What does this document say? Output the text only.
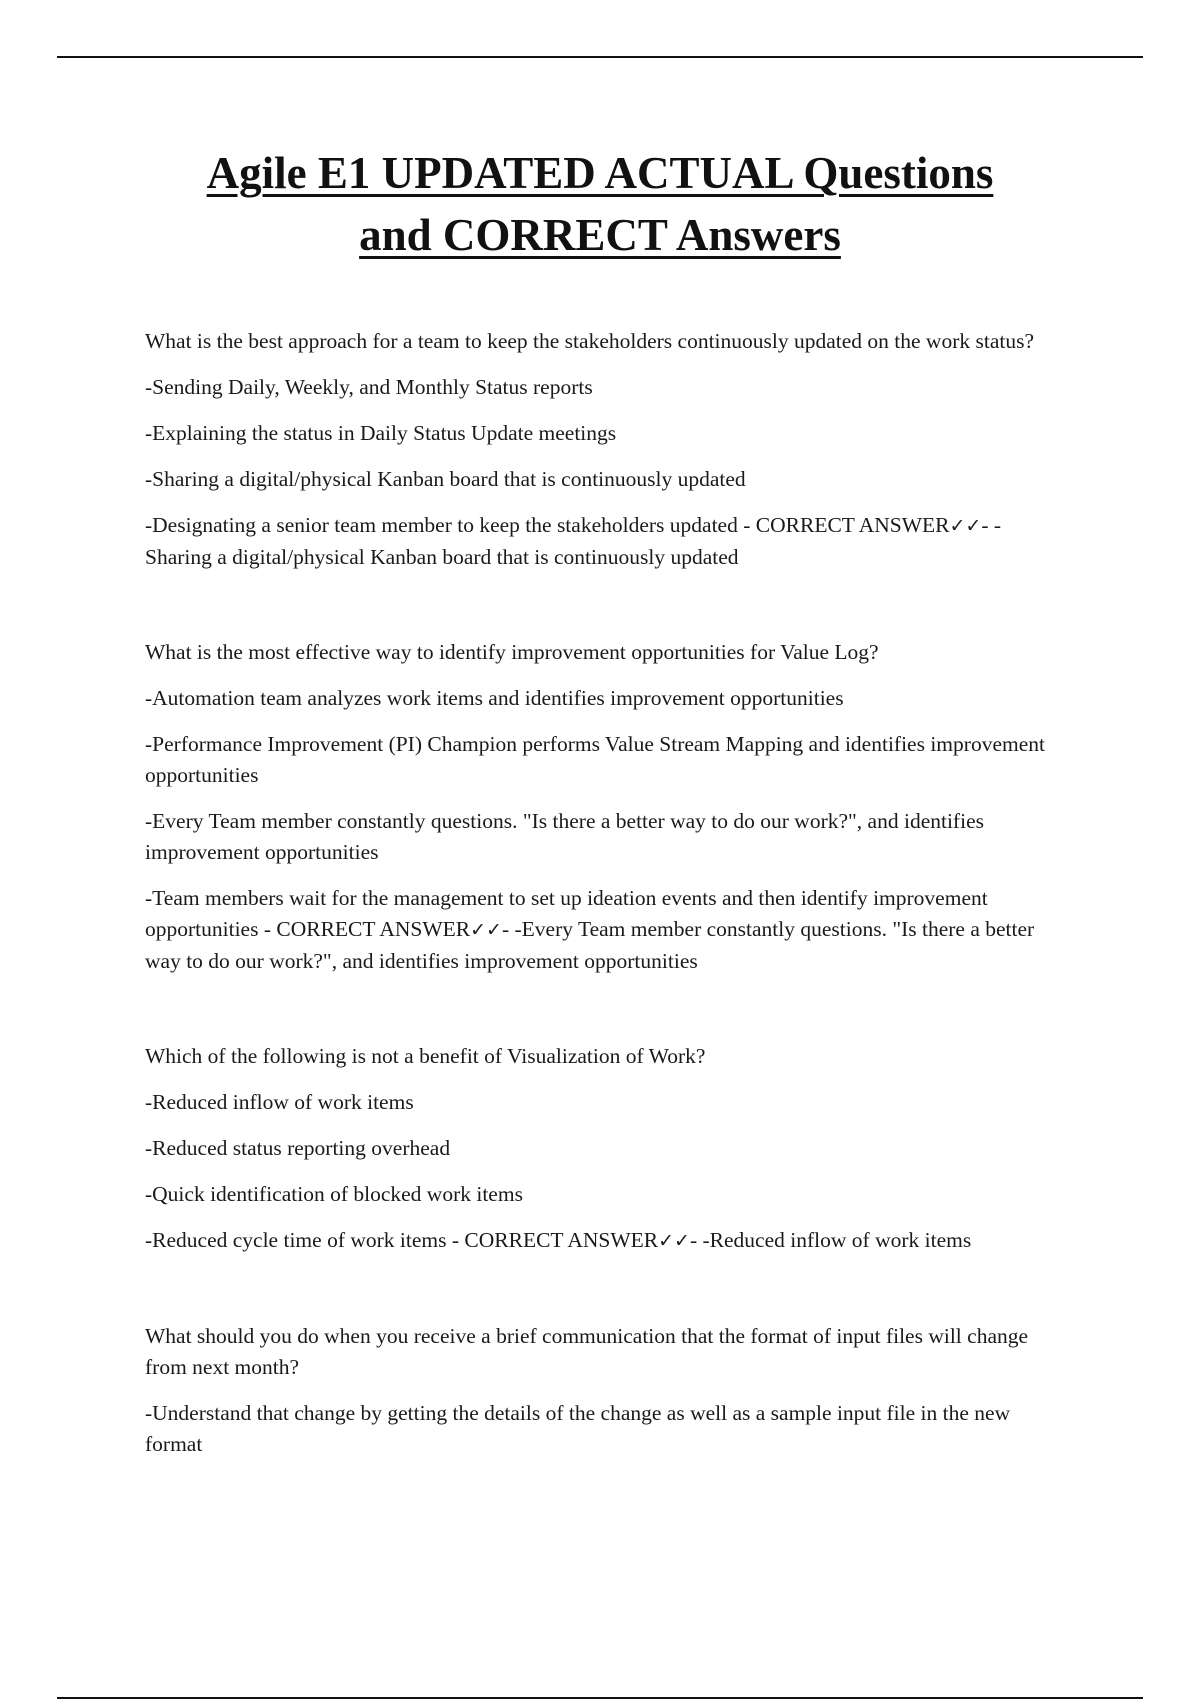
Agile E1 UPDATED ACTUAL Questions
and CORRECT Answers

What is the best approach for a team to keep the stakeholders continuously updated on the work status?

-Sending Daily, Weekly, and Monthly Status reports

-Explaining the status in Daily Status Update meetings

-Sharing a digital/physical Kanban board that is continuously updated

-Designating a senior team member to keep the stakeholders updated - CORRECT ANSWER✓✓- -Sharing a digital/physical Kanban board that is continuously updated

What is the most effective way to identify improvement opportunities for Value Log?

-Automation team analyzes work items and identifies improvement opportunities

-Performance Improvement (PI) Champion performs Value Stream Mapping and identifies improvement opportunities

-Every Team member constantly questions. "Is there a better way to do our work?", and identifies improvement opportunities

-Team members wait for the management to set up ideation events and then identify improvement opportunities - CORRECT ANSWER✓✓- -Every Team member constantly questions. "Is there a better way to do our work?", and identifies improvement opportunities

Which of the following is not a benefit of Visualization of Work?

-Reduced inflow of work items

-Reduced status reporting overhead

-Quick identification of blocked work items

-Reduced cycle time of work items - CORRECT ANSWER✓✓- -Reduced inflow of work items

What should you do when you receive a brief communication that the format of input files will change from next month?

-Understand that change by getting the details of the change as well as a sample input file in the new format
